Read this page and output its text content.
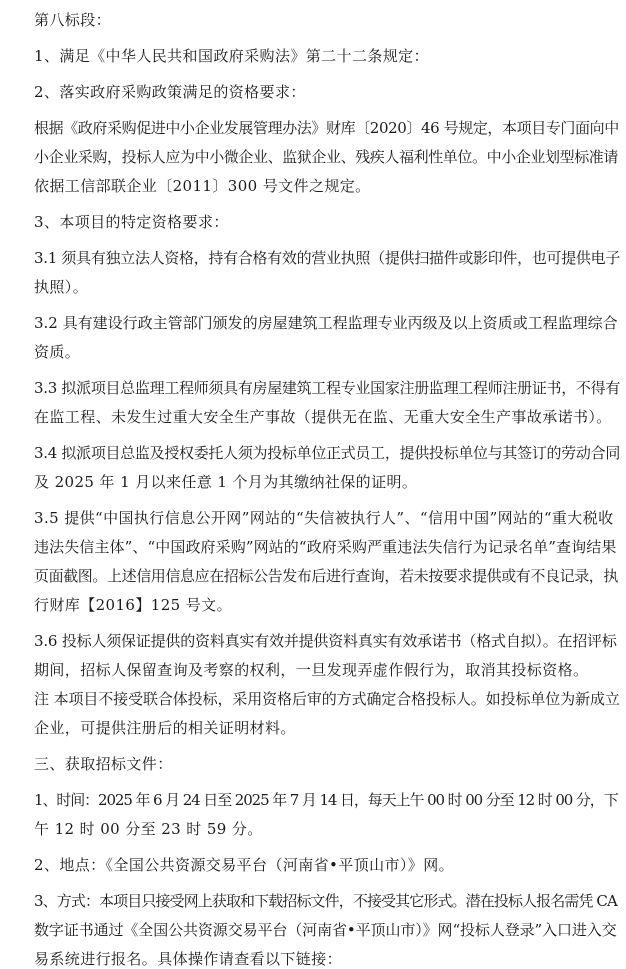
第八标段：
1、满足《中华人民共和国政府采购法》第二十二条规定：
2、落实政府采购政策满足的资格要求：
根据《政府采购促进中小企业发展管理办法》财库〔2020〕46 号规定，本项目专门面向中
小企业采购，投标人应为中小微企业、监狱企业、残疾人福利性单位。中小企业划型标准请
依据工信部联企业〔2011〕300 号文件之规定。
3、本项目的特定资格要求：
3.1 须具有独立法人资格，持有合格有效的营业执照（提供扫描件或影印件，也可提供电子
执照）。
3.2 具有建设行政主管部门颁发的房屋建筑工程监理专业丙级及以上资质或工程监理综合
资质。
3.3 拟派项目总监理工程师须具有房屋建筑工程专业国家注册监理工程师注册证书，不得有
在监工程、未发生过重大安全生产事故（提供无在监、无重大安全生产事故承诺书）。
3.4 拟派项目总监及授权委托人须为投标单位正式员工，提供投标单位与其签订的劳动合同
及 2025 年 1 月以来任意 1 个月为其缴纳社保的证明。
3.5 提供“中国执行信息公开网”网站的“失信被执行人”、“信用中国”网站的“重大税收
违法失信主体”、“中国政府采购”网站的“政府采购严重违法失信行为记录名单”查询结果
页面截图。上述信用信息应在招标公告发布后进行查询，若未按要求提供或有不良记录，执
行财库【2016】125 号文。
3.6 投标人须保证提供的资料真实有效并提供资料真实有效承诺书（格式自拟）。在招评标
期间，招标人保留查询及考察的权利，一旦发现弄虚作假行为，取消其投标资格。
注 本项目不接受联合体投标，采用资格后审的方式确定合格投标人。如投标单位为新成立
企业，可提供注册后的相关证明材料。
三、获取招标文件：
1、时间：2025 年 6 月 24 日至 2025 年 7 月 14 日，每天上午 00 时 00 分至 12 时 00 分，下
午 12 时 00 分至 23 时 59 分。
2、地点：《全国公共资源交易平台（河南省•平顶山市）》网。
3、方式：本项目只接受网上获取和下载招标文件，不接受其它形式。潜在投标人报名需凭 CA
数字证书通过《全国公共资源交易平台（河南省•平顶山市）》网“投标人登录”入口进入交
易系统进行报名。具体操作请查看以下链接：
